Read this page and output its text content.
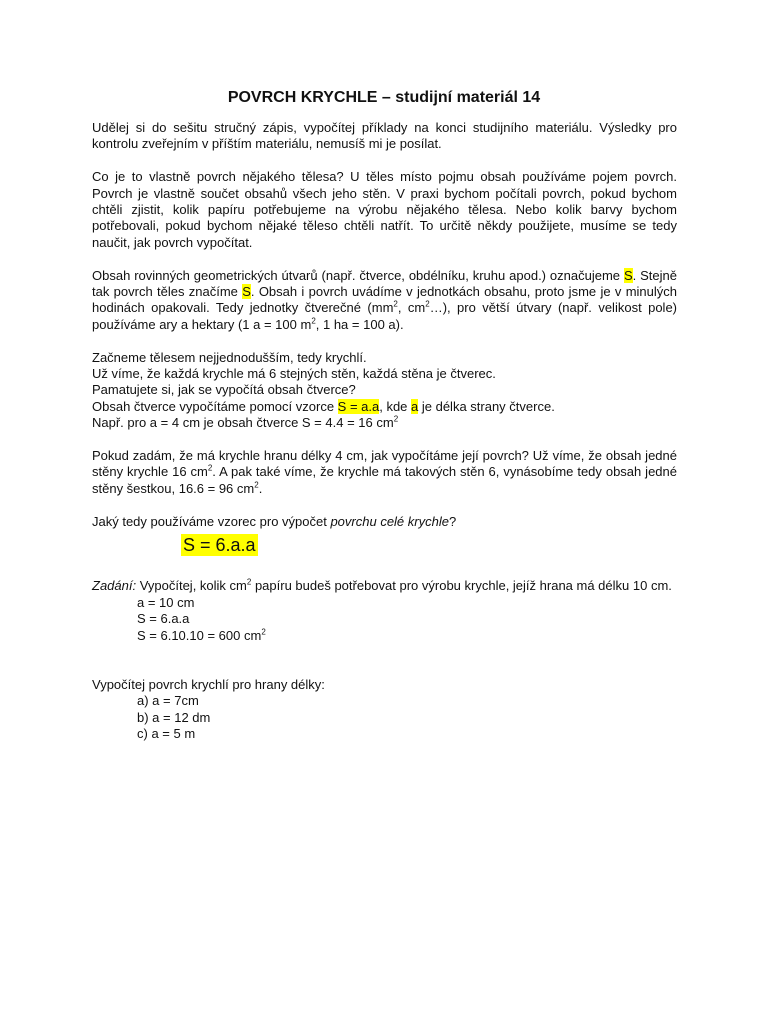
POVRCH KRYCHLE – studijní materiál 14

Udělej si do sešitu stručný zápis, vypočítej příklady na konci studijního materiálu. Výsledky pro kontrolu zveřejním v příštím materiálu, nemusíš mi je posílat.

Co je to vlastně povrch nějakého tělesa? U těles místo pojmu obsah používáme pojem povrch. Povrch je vlastně součet obsahů všech jeho stěn. V praxi bychom počítali povrch, pokud bychom chtěli zjistit, kolik papíru potřebujeme na výrobu nějakého tělesa. Nebo kolik barvy bychom potřebovali, pokud bychom nějaké těleso chtěli natřít. To určitě někdy použijete, musíme se tedy naučit, jak povrch vypočítat.

Obsah rovinných geometrických útvarů (např. čtverce, obdélníku, kruhu apod.) označujeme S. Stejně tak povrch těles značíme S. Obsah i povrch uvádíme v jednotkách obsahu, proto jsme je v minulých hodinách opakovali. Tedy jednotky čtverečné ($mm^2$, $cm^2\dots$), pro větší útvary (např. velikost pole) používáme ary a hektary (1 a = 100 $m^2$, 1 ha = 100 a).

Začneme tělesem nejjednodušším, tedy krychlí.
Už víme, že každá krychle má 6 stejných stěn, každá stěna je čtverec.
Pamatujete si, jak se vypočítá obsah čtverce?
Obsah čtverce vypočítáme pomocí vzorce S = a.a, kde a je délka strany čtverce.
Např. pro a = 4 cm je obsah čtverce S = 4.4 = 16 $cm^2$

Pokud zadám, že má krychle hranu délky 4 cm, jak vypočítáme její povrch? Už víme, že obsah jedné stěny krychle 16 $cm^2$. A pak také víme, že krychle má takových stěn 6, vynásobíme tedy obsah jedné stěny šestkou, 16.6 = 96 $cm^2$.

Jaký tedy používáme vzorec pro výpočet povrchu celé krychle?
S = 6.a.a
Zadání: Vypočítej, kolik $cm^2$ papíru budeš potřebovat pro výrobu krychle, jejíž hrana má délku 10 cm.
a = 10 cm
S = 6.a.a
S = 6.10.10 = 600 $cm^2$
Vypočítej povrch krychlí pro hrany délky:
a) a = 7cm
b) a = 12 dm
c) a = 5 m
